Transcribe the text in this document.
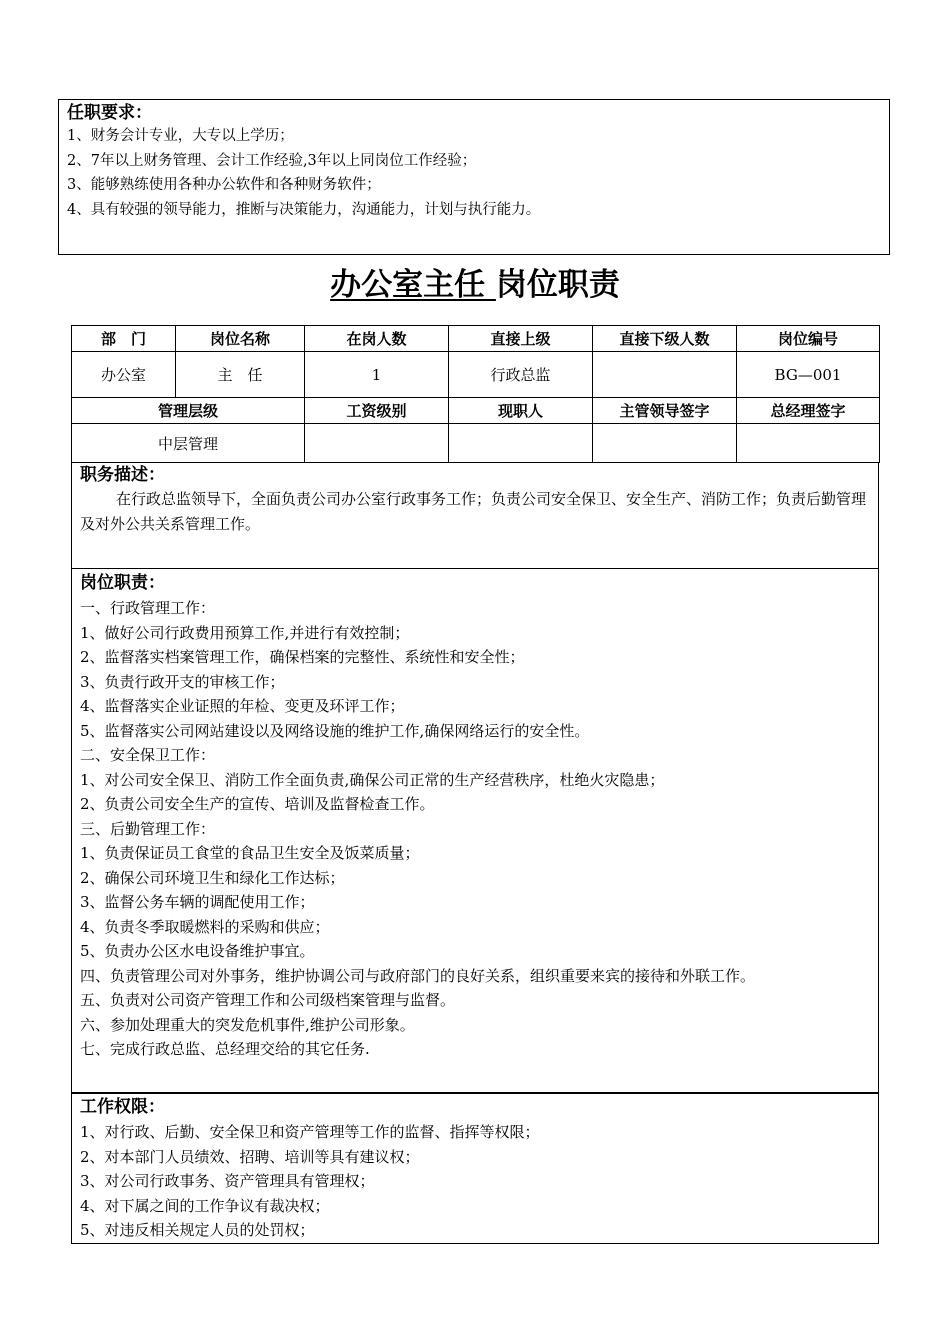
任职要求：
1、财务会计专业，大专以上学历；
2、7年以上财务管理、会计工作经验,3年以上同岗位工作经验；
3、能够熟练使用各种办公软件和各种财务软件；
4、具有较强的领导能力，推断与决策能力，沟通能力，计划与执行能力。
办公室主任 岗位职责
部　门	岗位名称	在岗人数	直接上级	直接下级人数	岗位编号
办公室	主　任	1	行政总监		BG—001
管理层级		工资级别	现职人	主管领导签字	总经理签字
中层管理					
职务描述：
在行政总监领导下，全面负责公司办公室行政事务工作；负责公司安全保卫、安全生产、消防工作；负责后勤管理及对外公共关系管理工作。
岗位职责：
一、行政管理工作：
1、做好公司行政费用预算工作,并进行有效控制；
2、监督落实档案管理工作，确保档案的完整性、系统性和安全性；
3、负责行政开支的审核工作；
4、监督落实企业证照的年检、变更及环评工作；
5、监督落实公司网站建设以及网络设施的维护工作,确保网络运行的安全性。
二、安全保卫工作：
1、对公司安全保卫、消防工作全面负责,确保公司正常的生产经营秩序，杜绝火灾隐患；
2、负责公司安全生产的宣传、培训及监督检查工作。
三、后勤管理工作：
1、负责保证员工食堂的食品卫生安全及饭菜质量；
2、确保公司环境卫生和绿化工作达标；
3、监督公务车辆的调配使用工作；
4、负责冬季取暖燃料的采购和供应；
5、负责办公区水电设备维护事宜。
四、负责管理公司对外事务，维护协调公司与政府部门的良好关系，组织重要来宾的接待和外联工作。
五、负责对公司资产管理工作和公司级档案管理与监督。
六、参加处理重大的突发危机事件,维护公司形象。
七、完成行政总监、总经理交给的其它任务.
工作权限：
1、对行政、后勤、安全保卫和资产管理等工作的监督、指挥等权限；
2、对本部门人员绩效、招聘、培训等具有建议权；
3、对公司行政事务、资产管理具有管理权；
4、对下属之间的工作争议有裁决权；
5、对违反相关规定人员的处罚权；
